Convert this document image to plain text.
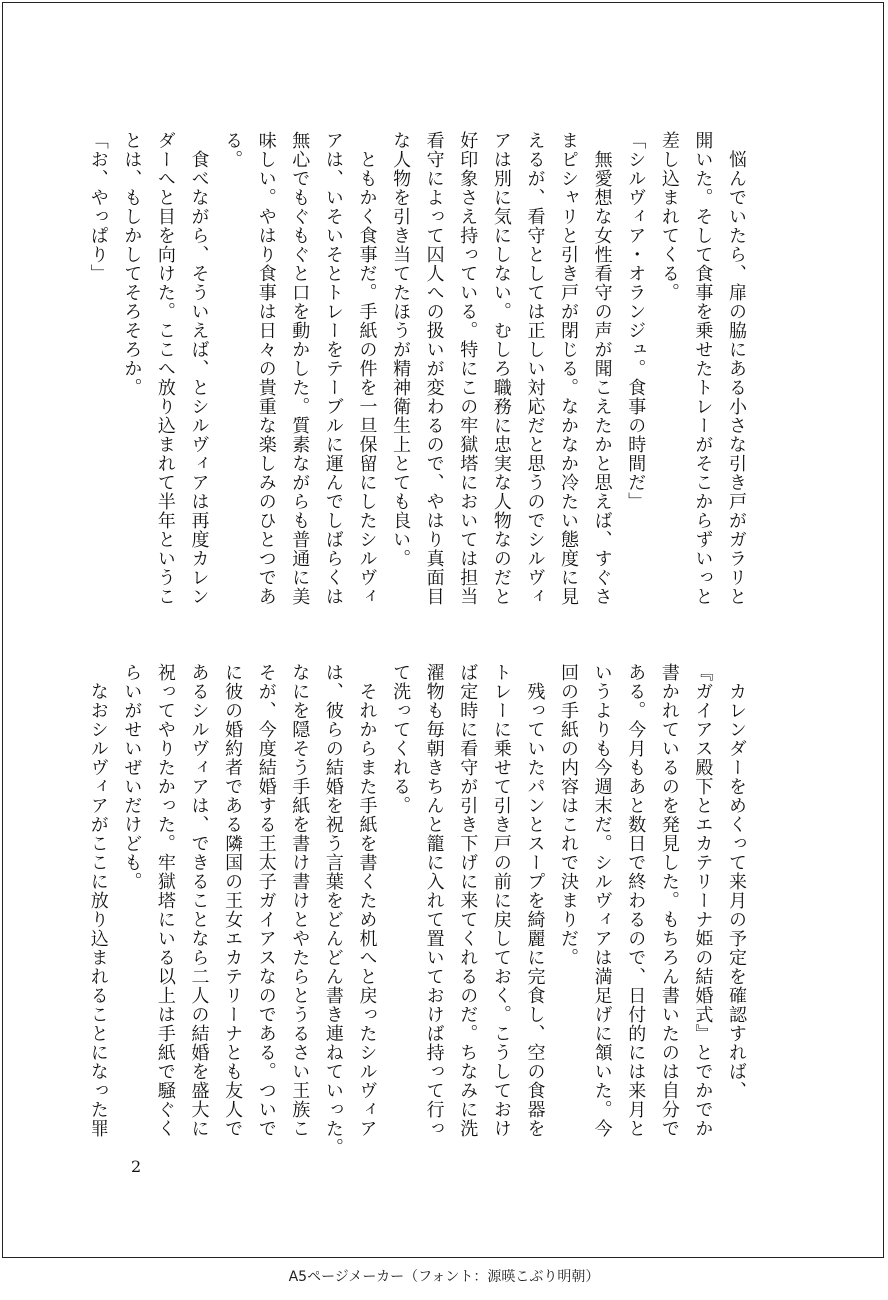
　悩んでいたら、扉の脇にある小さな引き戸がガラリと
開いた。そして食事を乗せたトレーがそこからずいっと
差し込まれてくる。
「シルヴィア・オランジュ。食事の時間だ」
　無愛想な女性看守の声が聞こえたかと思えば、すぐさ
まピシャリと引き戸が閉じる。なかなか冷たい態度に見
えるが、看守としては正しい対応だと思うのでシルヴィ
アは別に気にしない。むしろ職務に忠実な人物なのだと
好印象さえ持っている。特にこの牢獄塔においては担当
看守によって囚人への扱いが変わるので、やはり真面目
な人物を引き当てたほうが精神衛生上とても良い。
　ともかく食事だ。手紙の件を一旦保留にしたシルヴィ
アは、いそいそとトレーをテーブルに運んでしばらくは
無心でもぐもぐと口を動かした。質素ながらも普通に美
味しい。やはり食事は日々の貴重な楽しみのひとつであ
る。
　食べながら、そういえば、とシルヴィアは再度カレン
ダーへと目を向けた。ここへ放り込まれて半年というこ
とは、もしかしてそろそろか。
「お、やっぱり」
　カレンダーをめくって来月の予定を確認すれば、
『ガイアス殿下とエカテリーナ姫の結婚式』とでかでか
書かれているのを発見した。もちろん書いたのは自分で
ある。今月もあと数日で終わるので、日付的には来月と
いうよりも今週末だ。シルヴィアは満足げに頷いた。今
回の手紙の内容はこれで決まりだ。
　残っていたパンとスープを綺麗に完食し、空の食器を
トレーに乗せて引き戸の前に戻しておく。こうしておけ
ば定時に看守が引き下げに来てくれるのだ。ちなみに洗
濯物も毎朝きちんと籠に入れて置いておけば持って行っ
て洗ってくれる。
　それからまた手紙を書くため机へと戻ったシルヴィア
は、彼らの結婚を祝う言葉をどんどん書き連ねていった。
なにを隠そう手紙を書け書けとやたらとうるさい王族こ
そが、今度結婚する王太子ガイアスなのである。ついで
に彼の婚約者である隣国の王女エカテリーナとも友人で
あるシルヴィアは、できることなら二人の結婚を盛大に
祝ってやりたかった。牢獄塔にいる以上は手紙で騒ぐく
らいがせいぜいだけども。
　なおシルヴィアがここに放り込まれることになった罪
2
A5ページメーカー（フォント：源暎こぶり明朝）
